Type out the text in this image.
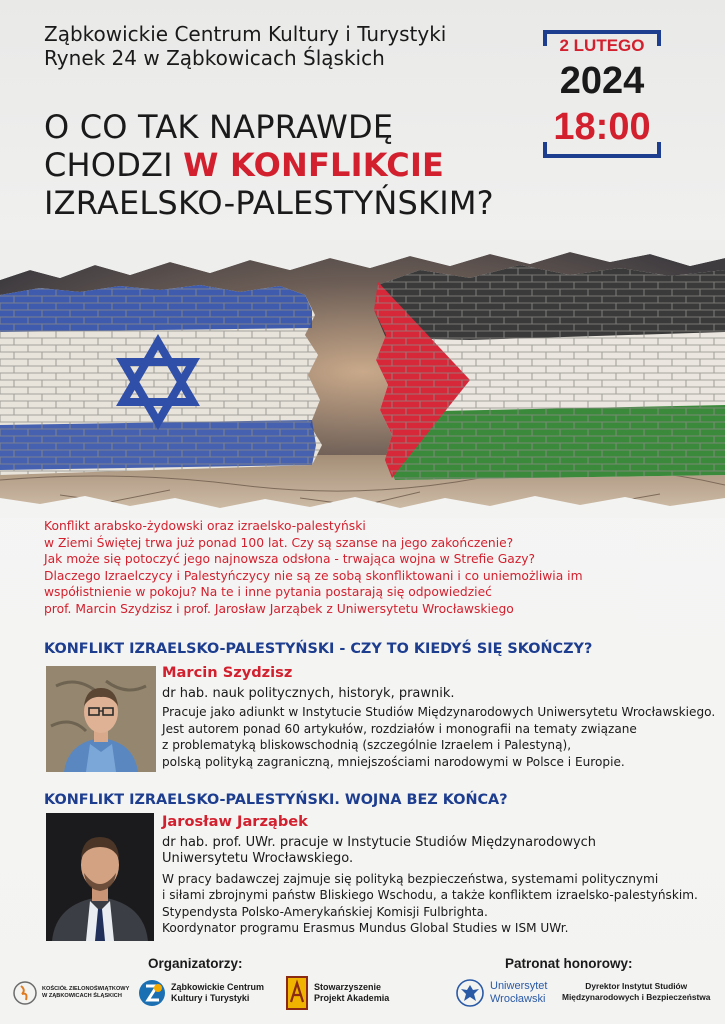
Ząbkowickie Centrum Kultury i Turystyki
Rynek 24 w Ząbkowicach Śląskich
2 LUTEGO
2024
18:00
O CO TAK NAPRAWDĘ
CHODZI W KONFLIKCIE
IZRAELSKO-PALESTYŃSKIM?
Konflikt arabsko-żydowski oraz izraelsko-palestyński
w Ziemi Świętej trwa już ponad 100 lat. Czy są szanse na jego zakończenie?
Jak może się potoczyć jego najnowsza odsłona - trwająca wojna w Strefie Gazy?
Dlaczego Izraelczycy i Palestyńczycy nie są ze sobą skonfliktowani i co uniemożliwia im
współistnienie w pokoju? Na te i inne pytania postarają się odpowiedzieć
prof. Marcin Szydzisz i prof. Jarosław Jarząbek z Uniwersytetu Wrocławskiego
KONFLIKT IZRAELSKO-PALESTYŃSKI - CZY TO KIEDYŚ SIĘ SKOŃCZY?
Marcin Szydzisz
dr hab. nauk politycznych, historyk, prawnik.
Pracuje jako adiunkt w Instytucie Studiów Międzynarodowych Uniwersytetu Wrocławskiego.
Jest autorem ponad 60 artykułów, rozdziałów i monografii na tematy związane
z problematyką bliskowschodnią (szczególnie Izraelem i Palestyną),
polską polityką zagraniczną, mniejszościami narodowymi w Polsce i Europie.
KONFLIKT IZRAELSKO-PALESTYŃSKI. WOJNA BEZ KOŃCA?
Jarosław Jarząbek
dr hab. prof. UWr. pracuje w Instytucie Studiów Międzynarodowych
Uniwersytetu Wrocławskiego.
W pracy badawczej zajmuje się polityką bezpieczeństwa, systemami politycznymi
i siłami zbrojnymi państw Bliskiego Wschodu, a także konfliktem izraelsko-palestyńskim.
Stypendysta Polsko-Amerykańskiej Komisji Fulbrighta.
Koordynator programu Erasmus Mundus Global Studies w ISM UWr.
Organizatorzy:	Patronat honorowy:
KOŚCIÓŁ ZIELONOŚWIĄTKOWY
W ZĄBKOWICACH ŚLĄSKICH
Ząbkowickie Centrum
Kultury i Turystyki
Stowarzyszenie
Projekt Akademia
Uniwersytet
Wrocławski
Dyrektor Instytut Studiów
Międzynarodowych i Bezpieczeństwa
